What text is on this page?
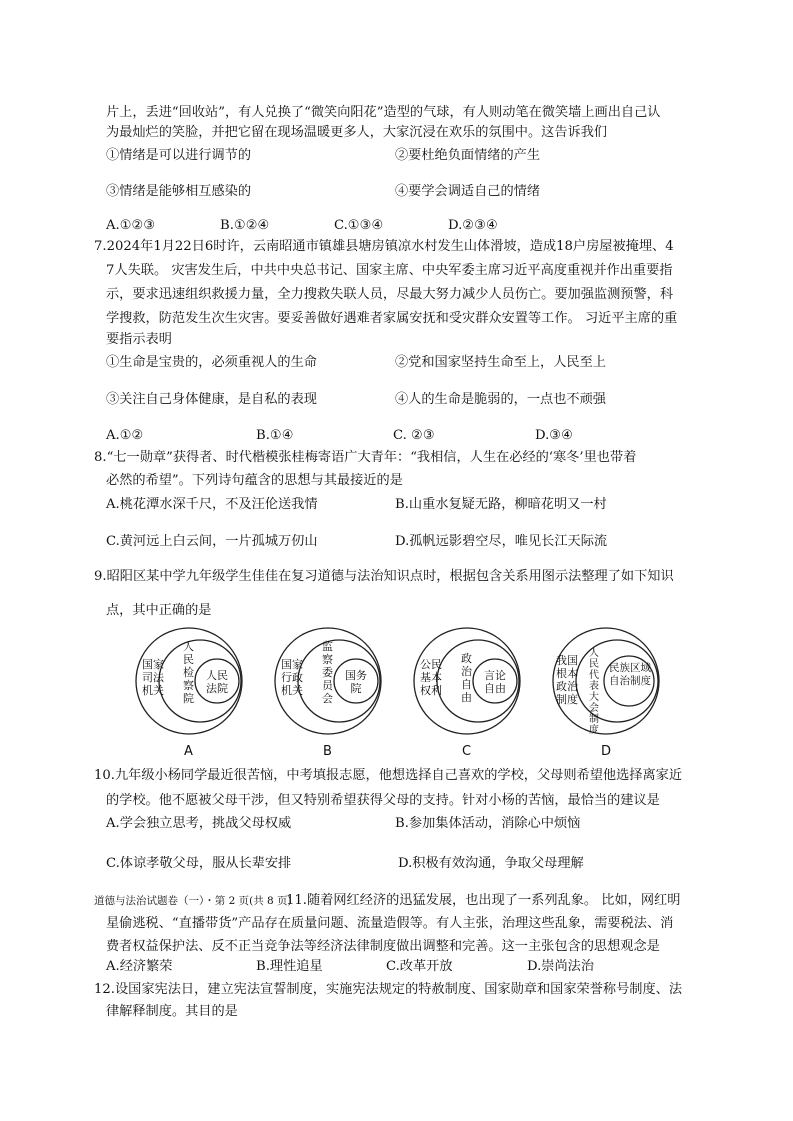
片上，丢进“回收站”，有人兑换了“微笑向阳花”造型的气球，有人则动笔在微笑墙上画出自己认
为最灿烂的笑脸，并把它留在现场温暖更多人，大家沉浸在欢乐的氛围中。这告诉我们
①情绪是可以进行调节的	②要杜绝负面情绪的产生
③情绪是能够相互感染的	④要学会调适自己的情绪
A.①②③	B.①②④	C.①③④	D.②③④
7.2024年1月22日6时许，云南昭通市镇雄县塘房镇凉水村发生山体滑坡，造成18户房屋被掩埋、4
7人失联。 灾害发生后，中共中央总书记、国家主席、中央军委主席习近平高度重视并作出重要指
示，要求迅速组织救援力量，全力搜救失联人员，尽最大努力减少人员伤亡。要加强监测预警，科
学搜救，防范发生次生灾害。要妥善做好遇难者家属安抚和受灾群众安置等工作。 习近平主席的重
要指示表明
①生命是宝贵的，必须重视人的生命	②党和国家坚持生命至上，人民至上
③关注自己身体健康，是自私的表现	④人的生命是脆弱的，一点也不顽强
A.①②	B.①④	C. ②③	D.③④
8.“七一勋章”获得者、时代楷模张桂梅寄语广大青年：“我相信，人生在必经的‘寒冬’里也带着
必然的希望”。下列诗句蕴含的思想与其最接近的是
A.桃花潭水深千尺，不及汪伦送我情	B.山重水复疑无路，柳暗花明又一村
C.黄河远上白云间，一片孤城万仞山	D.孤帆远影碧空尽，唯见长江天际流
9.昭阳区某中学九年级学生佳佳在复习道德与法治知识点时，根据包含关系用图示法整理了如下知识
点，其中正确的是
国家司法机关
人民检察院
人民法院
A
国家行政机关
监察委员会
国务院
B
公民基本权利
政治自由
言论自由
C
我国根本政治制度
人民代表大会制度
民族区域自治制度
D
10.九年级小杨同学最近很苦恼，中考填报志愿，他想选择自己喜欢的学校，父母则希望他选择离家近
的学校。他不愿被父母干涉，但又特别希望获得父母的支持。针对小杨的苦恼，最恰当的建议是
A.学会独立思考，挑战父母权威	B.参加集体活动，消除心中烦恼
C.体谅孝敬父母，服从长辈安排	D.积极有效沟通，争取父母理解
道德与法治试题卷（一）・第 2 页(共 8 页)
11.随着网红经济的迅猛发展，也出现了一系列乱象。 比如，网红明
星偷逃税、“直播带货”产品存在质量问题、流量造假等。有人主张，治理这些乱象，需要税法、消
费者权益保护法、反不正当竞争法等经济法律制度做出调整和完善。这一主张包含的思想观念是
A.经济繁荣	B.理性追星	C.改革开放	D.崇尚法治
12.设国家宪法日，建立宪法宣誓制度，实施宪法规定的特赦制度、国家勋章和国家荣誉称号制度、法
律解释制度。其目的是
